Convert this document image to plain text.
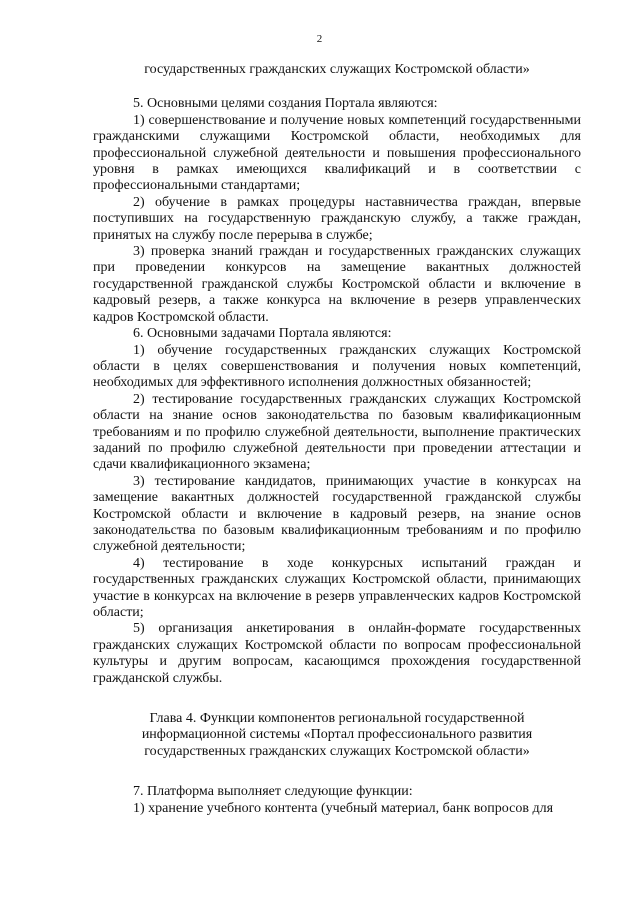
2

государственных гражданских служащих Костромской области»

5. Основными целями создания Портала являются:

1) совершенствование и получение новых компетенций государственными гражданскими служащими Костромской области, необходимых для профессиональной служебной деятельности и повышения профессионального уровня в рамках имеющихся квалификаций и в соответствии с профессиональными стандартами;

2) обучение в рамках процедуры наставничества граждан, впервые поступивших на государственную гражданскую службу, а также граждан, принятых на службу после перерыва в службе;

3) проверка знаний граждан и государственных гражданских служащих при проведении конкурсов на замещение вакантных должностей государственной гражданской службы Костромской области и включение в кадровый резерв, а также конкурса на включение в резерв управленческих кадров Костромской области.

6. Основными задачами Портала являются:

1) обучение государственных гражданских служащих Костромской области в целях совершенствования и получения новых компетенций, необходимых для эффективного исполнения должностных обязанностей;

2) тестирование государственных гражданских служащих Костромской области на знание основ законодательства по базовым квалификационным требованиям и по профилю служебной деятельности, выполнение практических заданий по профилю служебной деятельности при проведении аттестации и сдачи квалификационного экзамена;

3) тестирование кандидатов, принимающих участие в конкурсах на замещение вакантных должностей государственной гражданской службы Костромской области и включение в кадровый резерв, на знание основ законодательства по базовым квалификационным требованиям и по профилю служебной деятельности;

4) тестирование в ходе конкурсных испытаний граждан и государственных гражданских служащих Костромской области, принимающих участие в конкурсах на включение в резерв управленческих кадров Костромской области;

5) организация анкетирования в онлайн-формате государственных гражданских служащих Костромской области по вопросам профессиональной культуры и другим вопросам, касающимся прохождения государственной гражданской службы.

Глава 4. Функции компонентов региональной государственной информационной системы «Портал профессионального развития государственных гражданских служащих Костромской области»

7. Платформа выполняет следующие функции:

1) хранение учебного контента (учебный материал, банк вопросов для
